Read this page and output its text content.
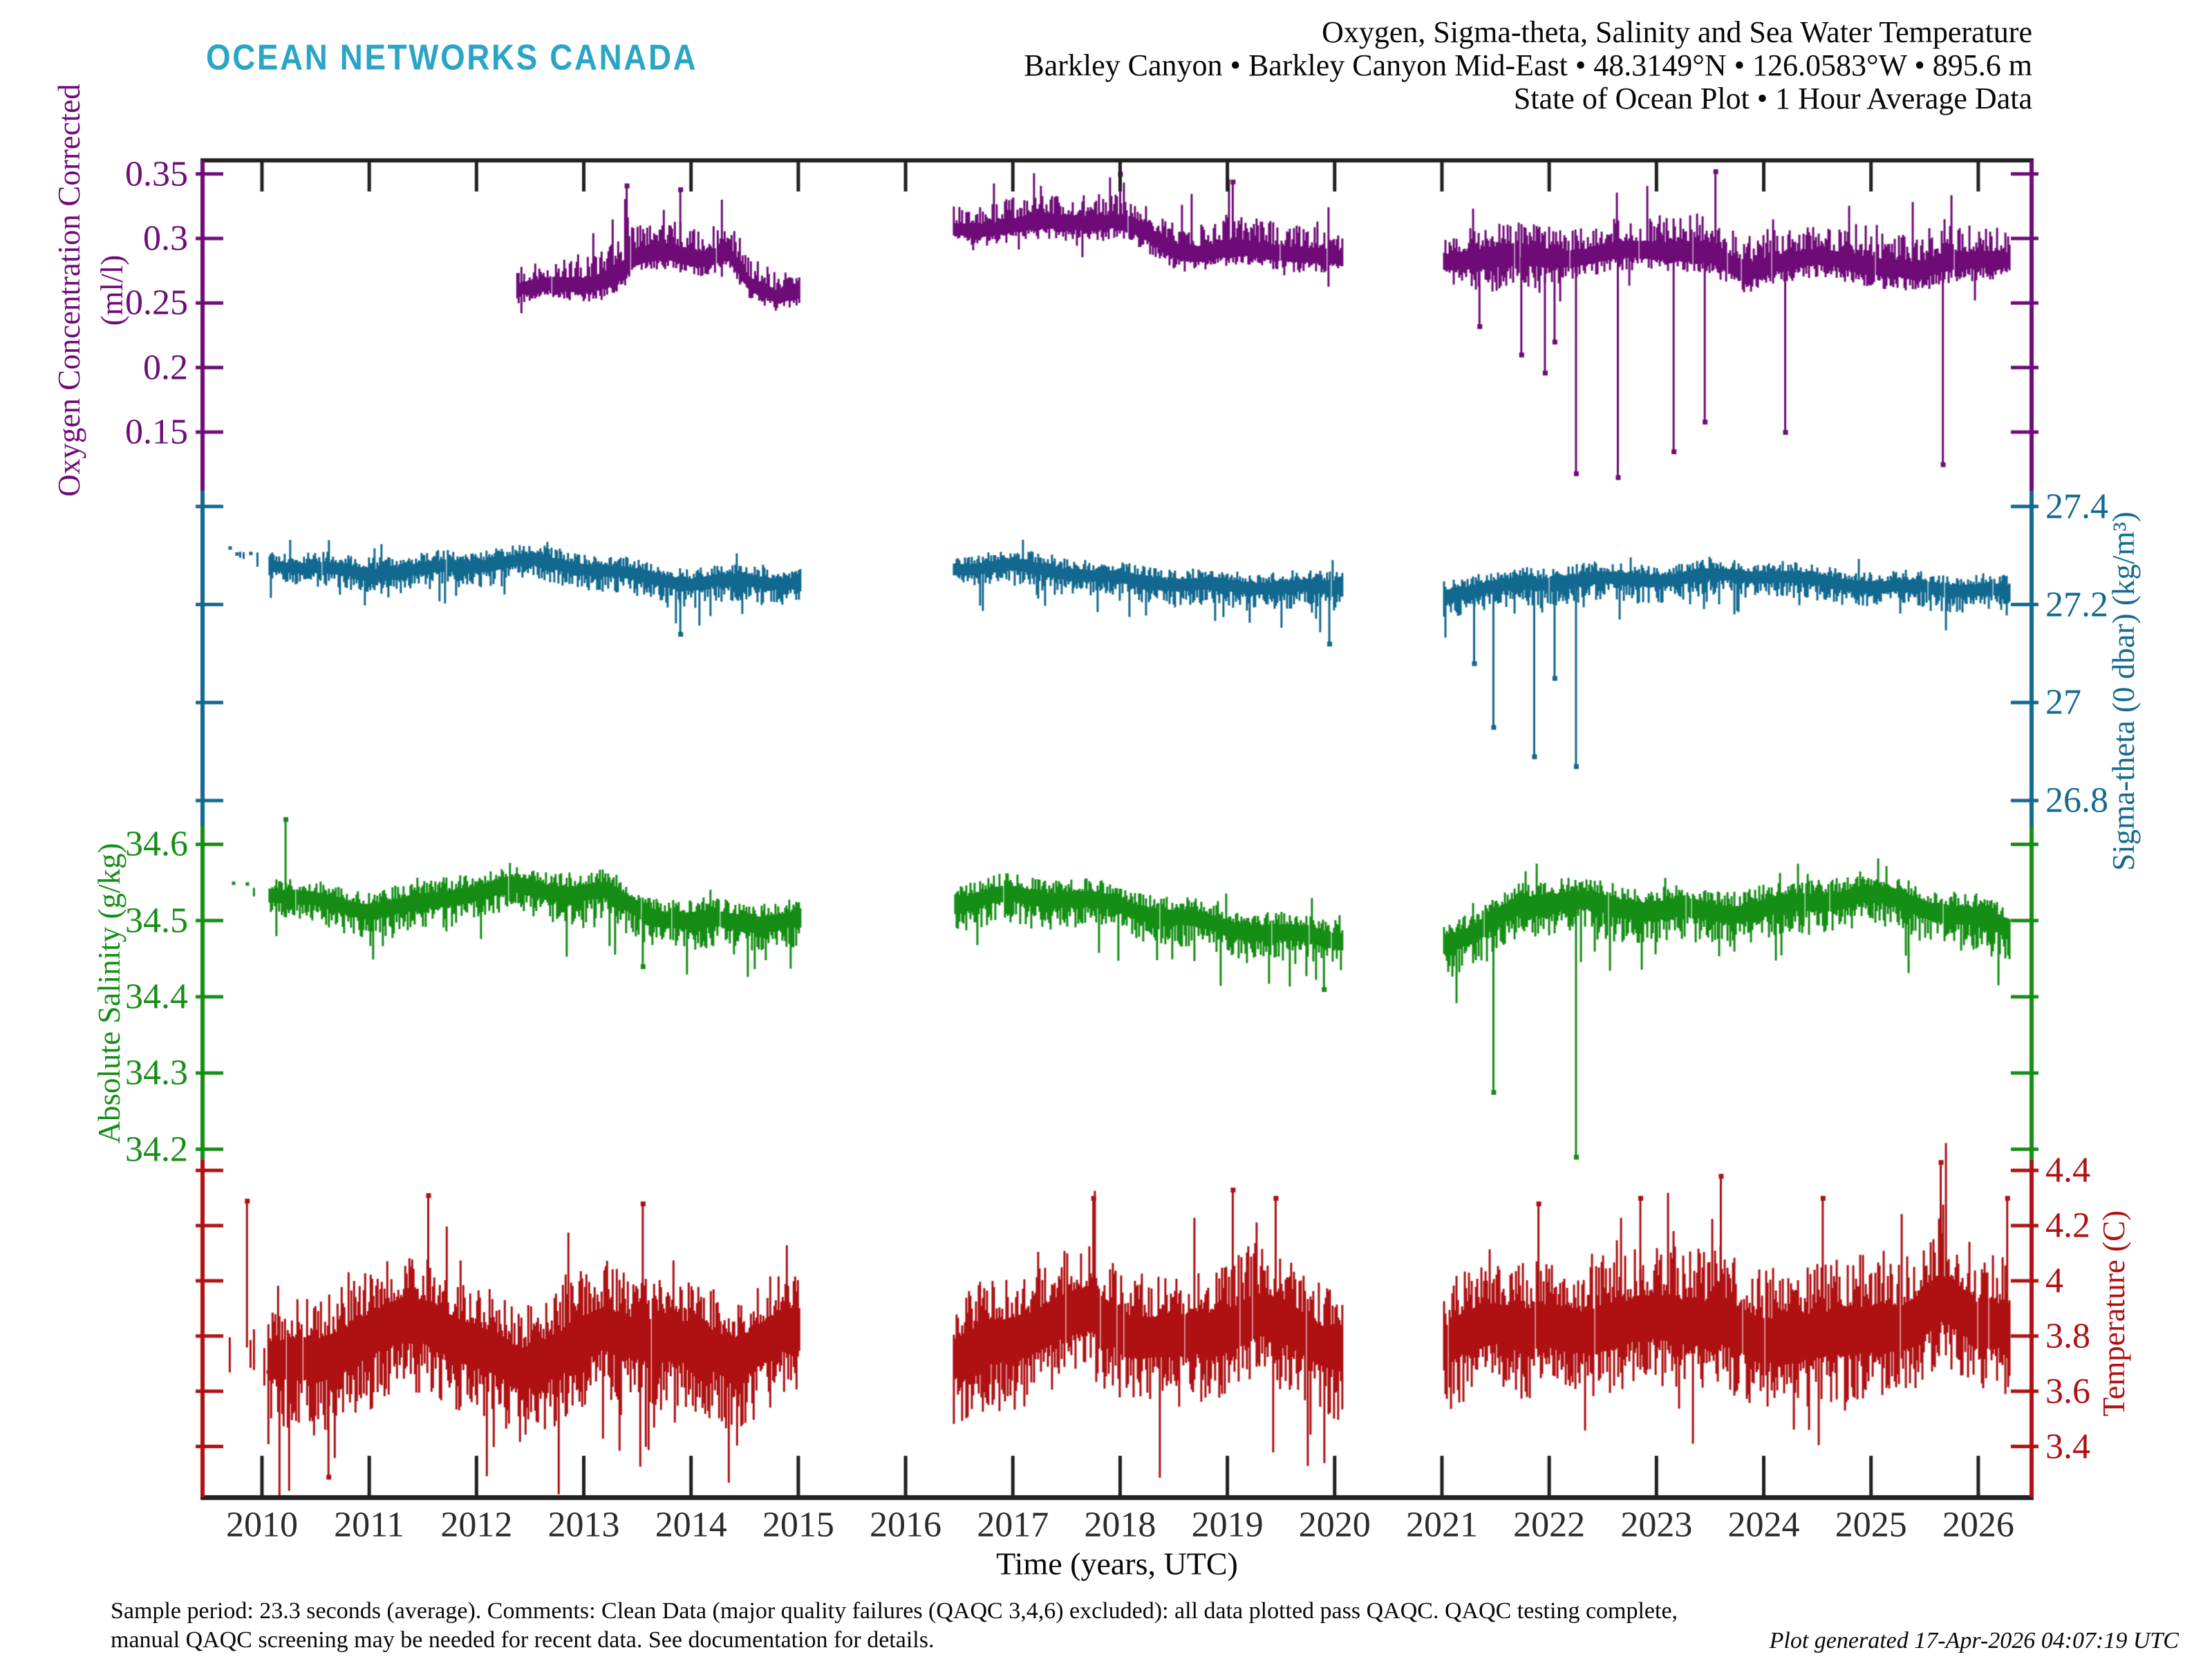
OCEAN NETWORKS CANADA
Oxygen, Sigma-theta, Salinity and Sea Water Temperature
Barkley Canyon • Barkley Canyon Mid-East • 48.3149°N • 126.0583°W • 895.6 m
State of Ocean Plot • 1 Hour Average Data
Oxygen Concentration Corrected (ml/l)
Sigma-theta (0 dbar) (kg/m³)
Absolute Salinity (g/kg)
Temperature (C)
Time (years, UTC)
Sample period: 23.3 seconds (average). Comments: Clean Data (major quality failures (QAQC 3,4,6) excluded): all data plotted pass QAQC. QAQC testing complete,
manual QAQC screening may be needed for recent data. See documentation for details.	Plot generated 17-Apr-2026 04:07:19 UTC
0.35
0.3
0.25
0.2
0.15
27.4
27.2
27
26.8
34.6
34.5
34.4
34.3
34.2
4.4
4.2
4
3.8
3.6
3.4
2010 2011 2012 2013 2014 2015 2016 2017 2018 2019 2020 2021 2022 2023 2024 2025 2026
